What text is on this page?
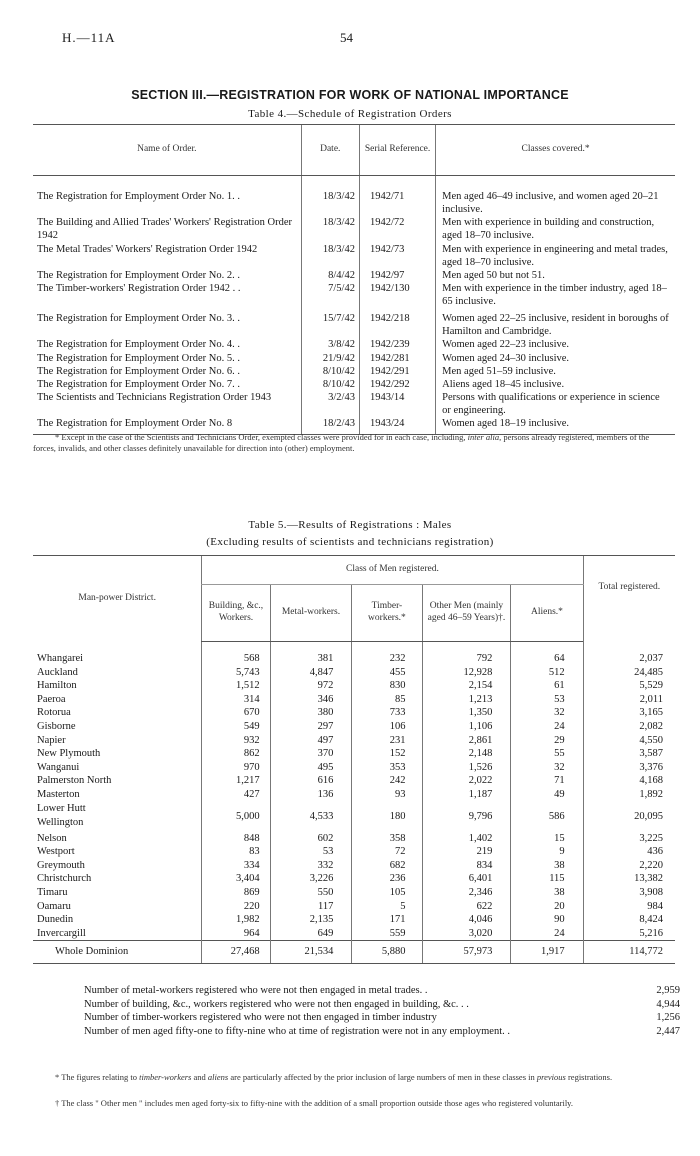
H.—11A	54
SECTION III.—REGISTRATION FOR WORK OF NATIONAL IMPORTANCE
Table 4.—Schedule of Registration Orders
Name of Order.	Date.	Serial Reference.	Classes covered.*

The Registration for Employment Order No. 1. .	18/3/42	1942/71	Men aged 46–49 inclusive, and women aged 20–21 inclusive.
The Building and Allied Trades' Workers' Registration Order 1942	18/3/42	1942/72	Men with experience in building and construction, aged 18–70 inclusive.
The Metal Trades' Workers' Registration Order 1942	18/3/42	1942/73	Men with experience in engineering and metal trades, aged 18–70 inclusive.
The Registration for Employment Order No. 2. .	8/4/42	1942/97	Men aged 50 but not 51.
The Timber-workers' Registration Order 1942 . .	7/5/42	1942/130	Men with experience in the timber industry, aged 18–65 inclusive.
The Registration for Employment Order No. 3. .	15/7/42	1942/218	Women aged 22–25 inclusive, resident in boroughs of Hamilton and Cambridge.
The Registration for Employment Order No. 4. .	3/8/42	1942/239	Women aged 22–23 inclusive.
The Registration for Employment Order No. 5. .	21/9/42	1942/281	Women aged 24–30 inclusive.
The Registration for Employment Order No. 6. .	8/10/42	1942/291	Men aged 51–59 inclusive.
The Registration for Employment Order No. 7. .	8/10/42	1942/292	Aliens aged 18–45 inclusive.
The Scientists and Technicians Registration Order 1943	3/2/43	1943/14	Persons with qualifications or experience in science or engineering.
The Registration for Employment Order No. 8	18/2/43	1943/24	Women aged 18–19 inclusive.
* Except in the case of the Scientists and Technicians Order, exempted classes were provided for in each case, including, inter alia, persons already registered, members of the forces, invalids, and other classes definitely unavailable for direction into (other) employment.
Table 5.—Results of Registrations : Males
(Excluding results of scientists and technicians registration)
Man-power District.	Class of Men registered.					Total registered.
	Building, &c., Workers.	Metal-workers.	Timber-workers.*	Other Men (mainly aged 46–59 Years)†.	Aliens.*	
Whangarei	568	381	232	792	64	2,037
Auckland	5,743	4,847	455	12,928	512	24,485
Hamilton	1,512	972	830	2,154	61	5,529
Paeroa	314	346	85	1,213	53	2,011
Rotorua	670	380	733	1,350	32	3,165
Gisborne	549	297	106	1,106	24	2,082
Napier	932	497	231	2,861	29	4,550
New Plymouth	862	370	152	2,148	55	3,587
Wanganui	970	495	353	1,526	32	3,376
Palmerston North	1,217	616	242	2,022	71	4,168
Masterton	427	136	93	1,187	49	1,892
Lower Hutt
Wellington	5,000	4,533	180	9,796	586	20,095
Nelson	848	602	358	1,402	15	3,225
Westport	83	53	72	219	9	436
Greymouth	334	332	682	834	38	2,220
Christchurch	3,404	3,226	236	6,401	115	13,382
Timaru	869	550	105	2,346	38	3,908
Oamaru	220	117	5	622	20	984
Dunedin	1,982	2,135	171	4,046	90	8,424
Invercargill	964	649	559	3,020	24	5,216
Whole Dominion	27,468	21,534	5,880	57,973	1,917	114,772
Number of metal-workers registered who were not then engaged in metal trades. .	2,959
Number of building, &c., workers registered who were not then engaged in building, &c. . .	4,944
Number of timber-workers registered who were not then engaged in timber industry	1,256
Number of men aged fifty-one to fifty-nine who at time of registration were not in any employment. .	2,447
* The figures relating to timber-workers and aliens are particularly affected by the prior inclusion of large numbers of men in these classes in previous registrations.
† The class " Other men " includes men aged forty-six to fifty-nine with the addition of a small proportion outside those ages who registered voluntarily.
